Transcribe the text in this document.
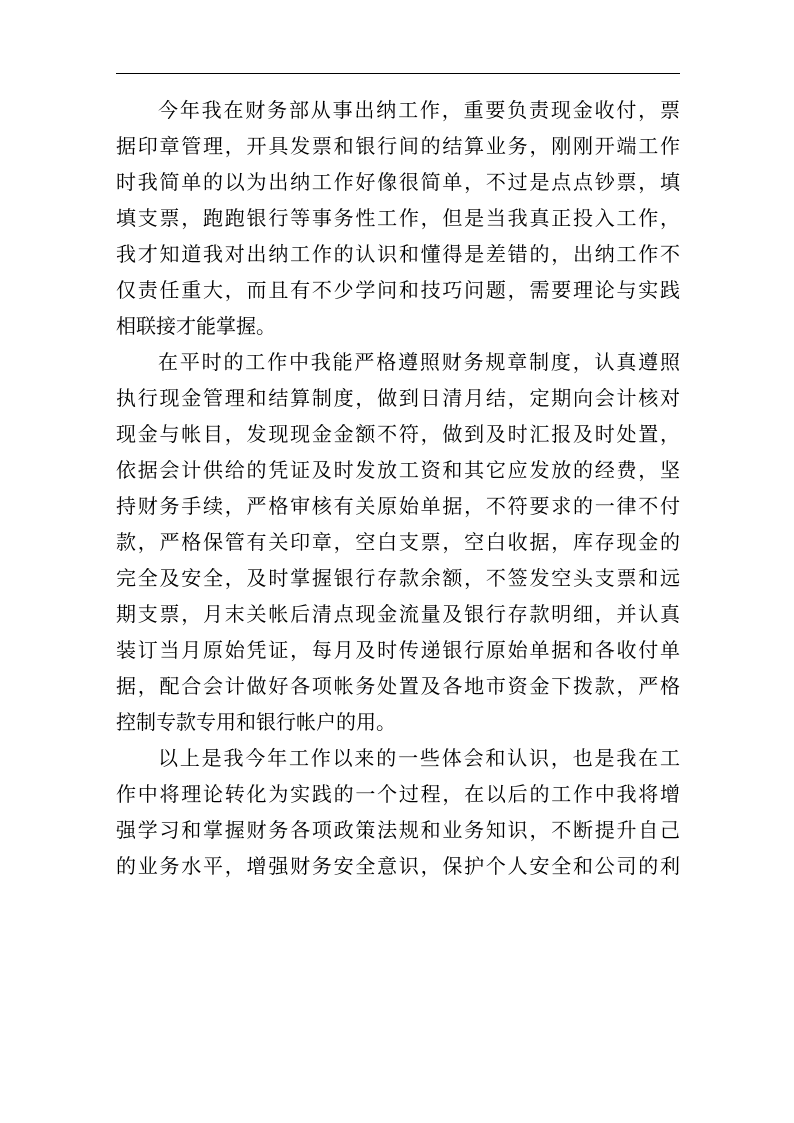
今年我在财务部从事出纳工作，重要负责现金收付，票
据印章管理，开具发票和银行间的结算业务，刚刚开端工作
时我简单的以为出纳工作好像很简单，不过是点点钞票，填
填支票，跑跑银行等事务性工作，但是当我真正投入工作，
我才知道我对出纳工作的认识和懂得是差错的，出纳工作不
仅责任重大，而且有不少学问和技巧问题，需要理论与实践
相联接才能掌握。
在平时的工作中我能严格遵照财务规章制度，认真遵照
执行现金管理和结算制度，做到日清月结，定期向会计核对
现金与帐目，发现现金金额不符，做到及时汇报及时处置，
依据会计供给的凭证及时发放工资和其它应发放的经费，坚
持财务手续，严格审核有关原始单据，不符要求的一律不付
款，严格保管有关印章，空白支票，空白收据，库存现金的
完全及安全，及时掌握银行存款余额，不签发空头支票和远
期支票，月末关帐后清点现金流量及银行存款明细，并认真
装订当月原始凭证，每月及时传递银行原始单据和各收付单
据，配合会计做好各项帐务处置及各地市资金下拨款，严格
控制专款专用和银行帐户的用。
以上是我今年工作以来的一些体会和认识，也是我在工
作中将理论转化为实践的一个过程，在以后的工作中我将增
强学习和掌握财务各项政策法规和业务知识，不断提升自己
的业务水平，增强财务安全意识，保护个人安全和公司的利
